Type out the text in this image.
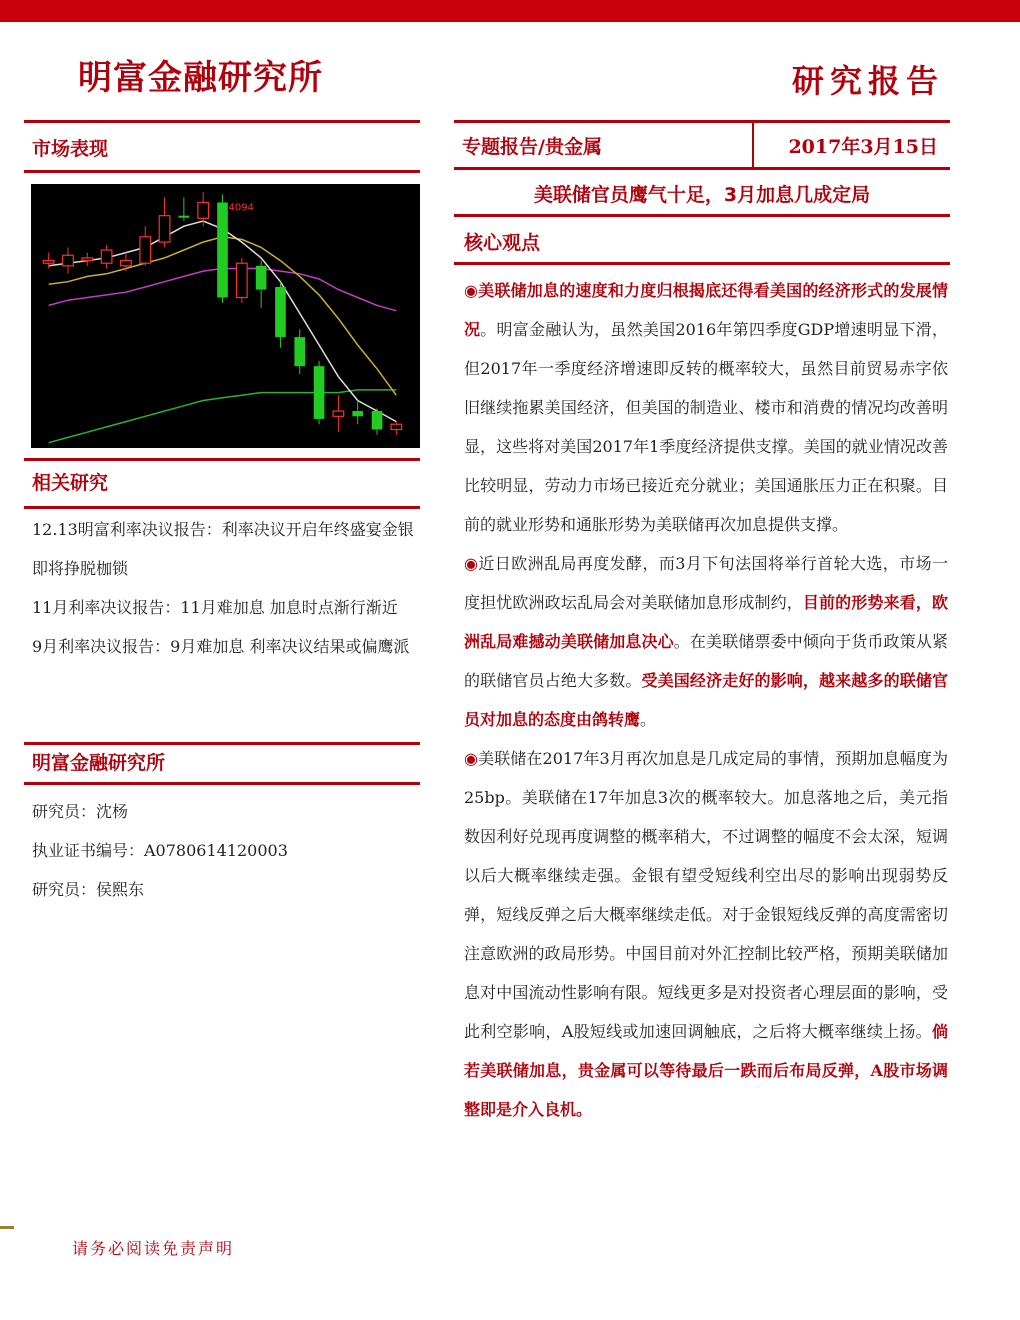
明富金融研究所	研究报告
市场表现
4094
相关研究

12.13明富利率决议报告：利率决议开启年终盛宴金银即将挣脱枷锁

11月利率决议报告：11月难加息 加息时点渐行渐近

9月利率决议报告：9月难加息 利率决议结果或偏鹰派

明富金融研究所

研究员：沈杨

执业证书编号：A0780614120003

研究员：侯熙东

专题报告/贵金属	2017年3月15日
美联储官员鹰气十足，3月加息几成定局
核心观点

◉美联储加息的速度和力度归根揭底还得看美国的经济形式的发展情况。明富金融认为，虽然美国2016年第四季度GDP增速明显下滑，但2017年一季度经济增速即反转的概率较大，虽然目前贸易赤字依旧继续拖累美国经济，但美国的制造业、楼市和消费的情况均改善明显，这些将对美国2017年1季度经济提供支撑。美国的就业情况改善比较明显，劳动力市场已接近充分就业；美国通胀压力正在积聚。目前的就业形势和通胀形势为美联储再次加息提供支撑。

◉近日欧洲乱局再度发酵，而3月下旬法国将举行首轮大选，市场一度担忧欧洲政坛乱局会对美联储加息形成制约，目前的形势来看，欧洲乱局难撼动美联储加息决心。在美联储票委中倾向于货币政策从紧的联储官员占绝大多数。受美国经济走好的影响，越来越多的联储官员对加息的态度由鸽转鹰。

◉美联储在2017年3月再次加息是几成定局的事情，预期加息幅度为25bp。美联储在17年加息3次的概率较大。加息落地之后，美元指数因利好兑现再度调整的概率稍大，不过调整的幅度不会太深，短调以后大概率继续走强。金银有望受短线利空出尽的影响出现弱势反弹，短线反弹之后大概率继续走低。对于金银短线反弹的高度需密切注意欧洲的政局形势。中国目前对外汇控制比较严格，预期美联储加息对中国流动性影响有限。短线更多是对投资者心理层面的影响，受此利空影响，A股短线或加速回调触底，之后将大概率继续上扬。倘若美联储加息，贵金属可以等待最后一跌而后布局反弹，A股市场调整即是介入良机。

请务必阅读免责声明
